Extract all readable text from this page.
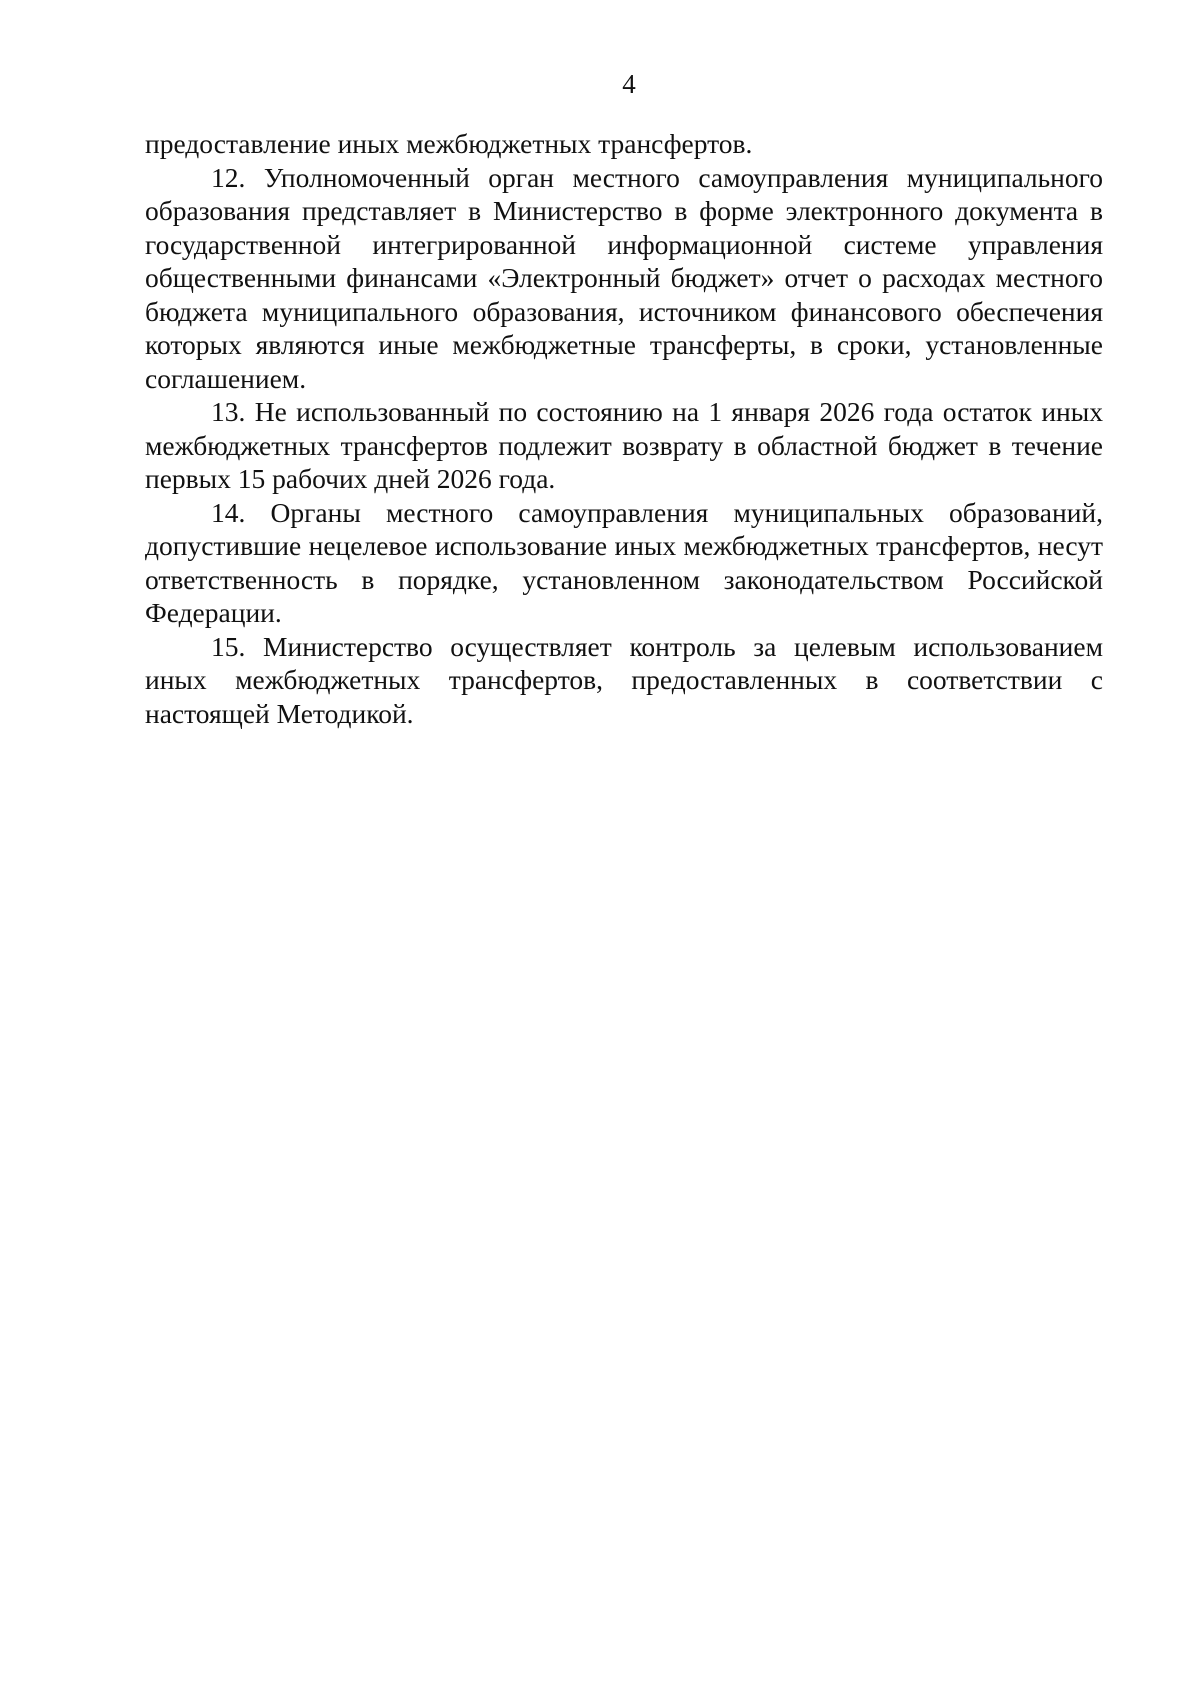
4

предоставление иных межбюджетных трансфертов.

12. Уполномоченный орган местного самоуправления муниципального образования представляет в Министерство в форме электронного документа в государственной интегрированной информационной системе управления общественными финансами «Электронный бюджет» отчет о расходах местного бюджета муниципального образования, источником финансового обеспечения которых являются иные межбюджетные трансферты, в сроки, установленные соглашением.

13. Не использованный по состоянию на 1 января 2026 года остаток иных межбюджетных трансфертов подлежит возврату в областной бюджет в течение первых 15 рабочих дней 2026 года.

14. Органы местного самоуправления муниципальных образований, допустившие нецелевое использование иных межбюджетных трансфертов, несут ответственность в порядке, установленном законодательством Российской Федерации.

15. Министерство осуществляет контроль за целевым использованием иных межбюджетных трансфертов, предоставленных в соответствии с настоящей Методикой.
